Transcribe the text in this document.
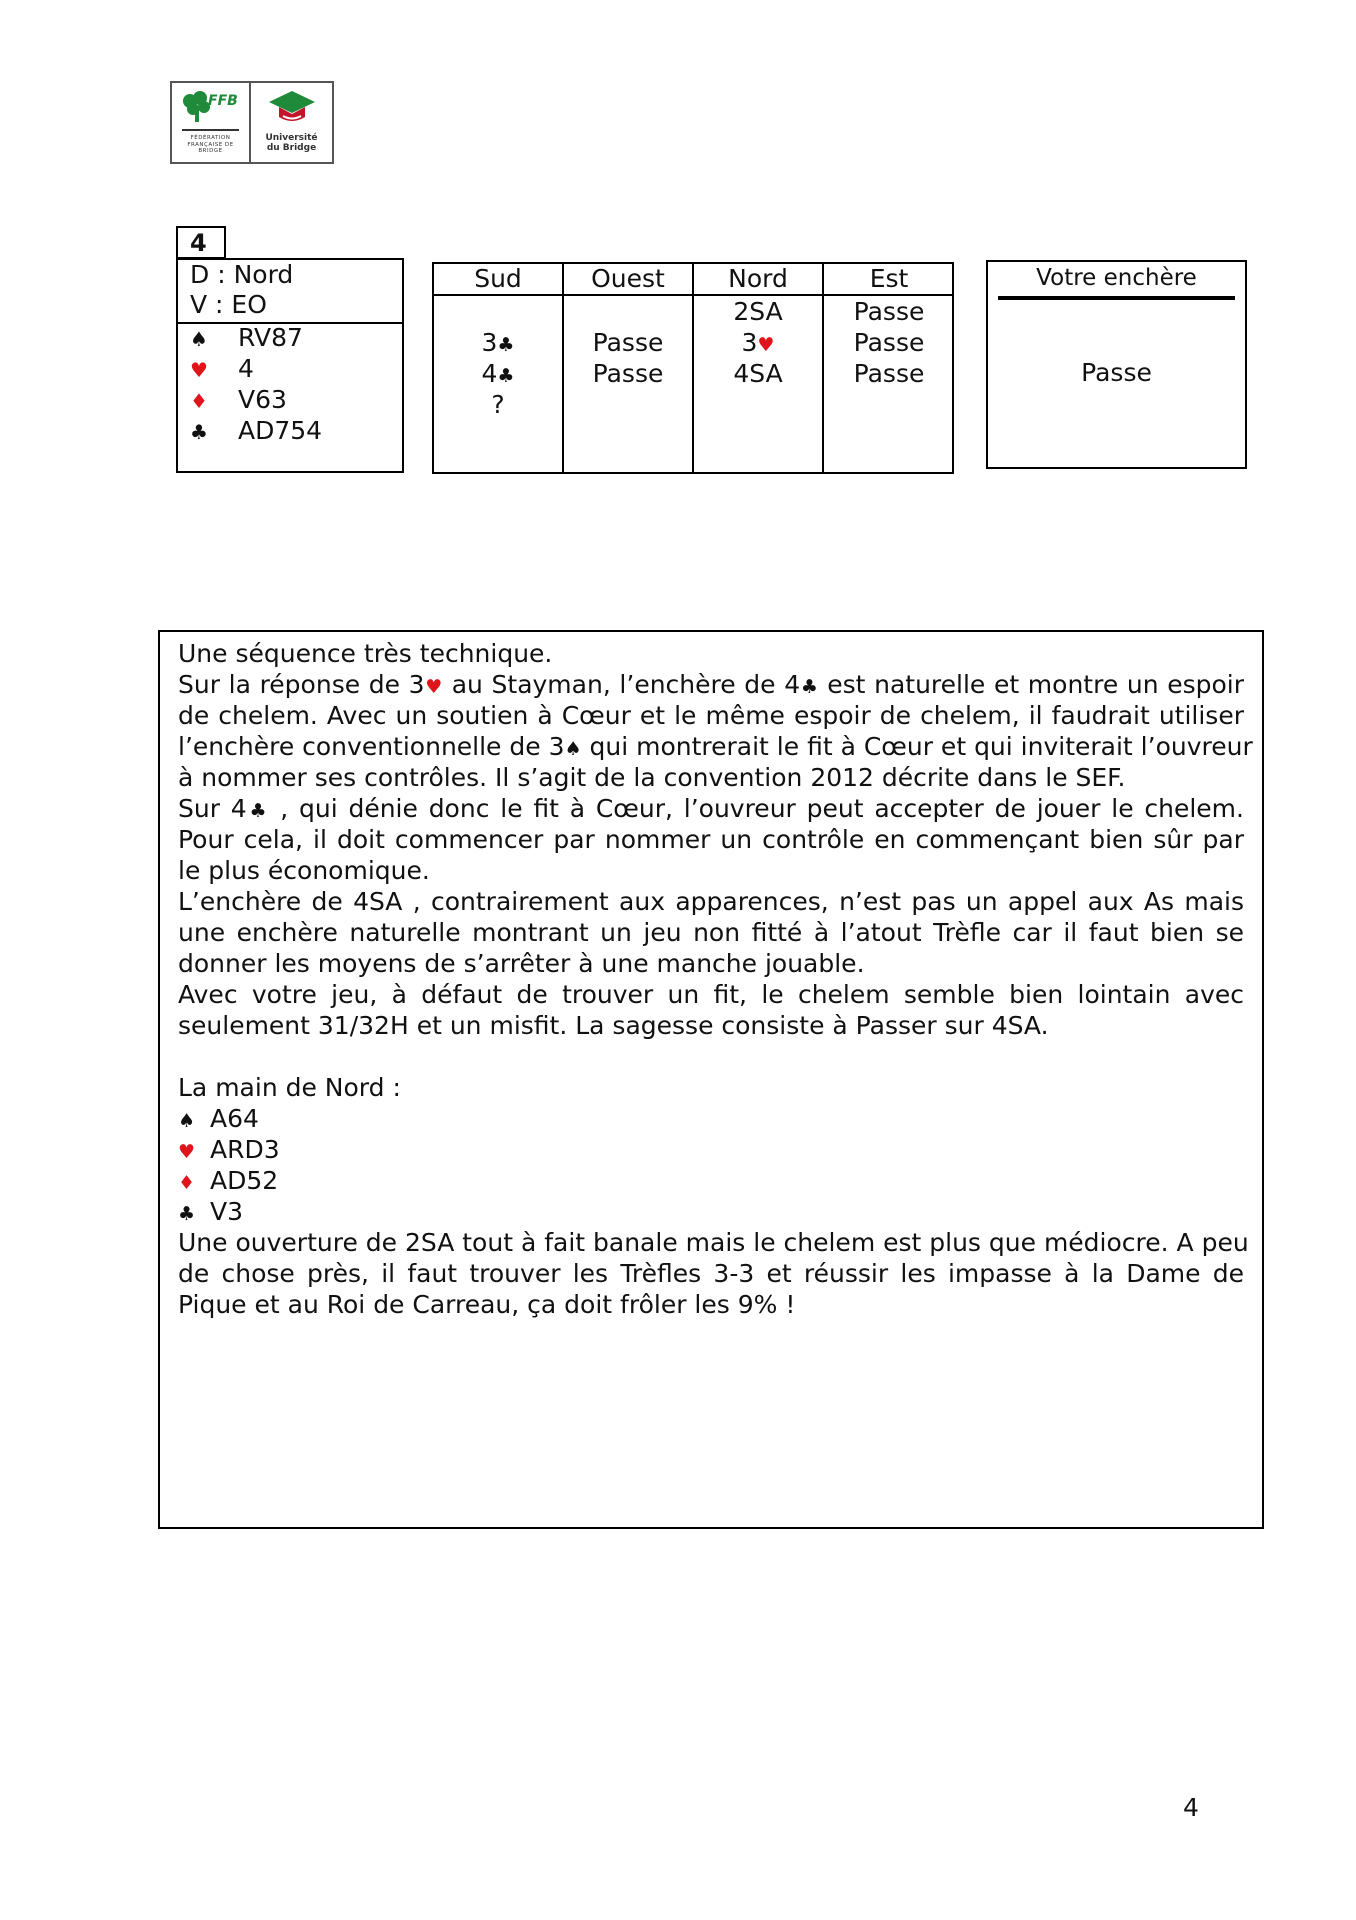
FFB
FÉDÉRATION FRANÇAISE DE BRIDGE
Université
du Bridge
4
D : Nord
V : EO
♠ RV87
♥ 4
♦ V63
♣ AD754
Sud
3♣
4♣
?
Ouest
Passe
Passe
Nord
2SA
3♥
4SA
Est
Passe
Passe
Passe
Votre enchère
Passe
Une séquence très technique.
Sur la réponse de 3♥ au Stayman, l’enchère de 4♣ est naturelle et montre un espoir
de chelem. Avec un soutien à Cœur et le même espoir de chelem, il faudrait utiliser
l’enchère conventionnelle de 3♠ qui montrerait le fit à Cœur et qui inviterait l’ouvreur
à nommer ses contrôles. Il s’agit de la convention 2012 décrite dans le SEF.
Sur 4♣ , qui dénie donc le fit à Cœur, l’ouvreur peut accepter de jouer le chelem.
Pour cela, il doit commencer par nommer un contrôle en commençant bien sûr par
le plus économique.
L’enchère de 4SA , contrairement aux apparences, n’est pas un appel aux As mais
une enchère naturelle montrant un jeu non fitté à l’atout Trèfle car il faut bien se
donner les moyens de s’arrêter à une manche jouable.
Avec votre jeu, à défaut de trouver un fit, le chelem semble bien lointain avec
seulement 31/32H et un misfit. La sagesse consiste à Passer sur 4SA.
La main de Nord :
♠ A64
♥ ARD3
♦ AD52
♣ V3
Une ouverture de 2SA tout à fait banale mais le chelem est plus que médiocre. A peu
de chose près, il faut trouver les Trèfles 3-3 et réussir les impasse à la Dame de
Pique et au Roi de Carreau, ça doit frôler les 9% !
4
